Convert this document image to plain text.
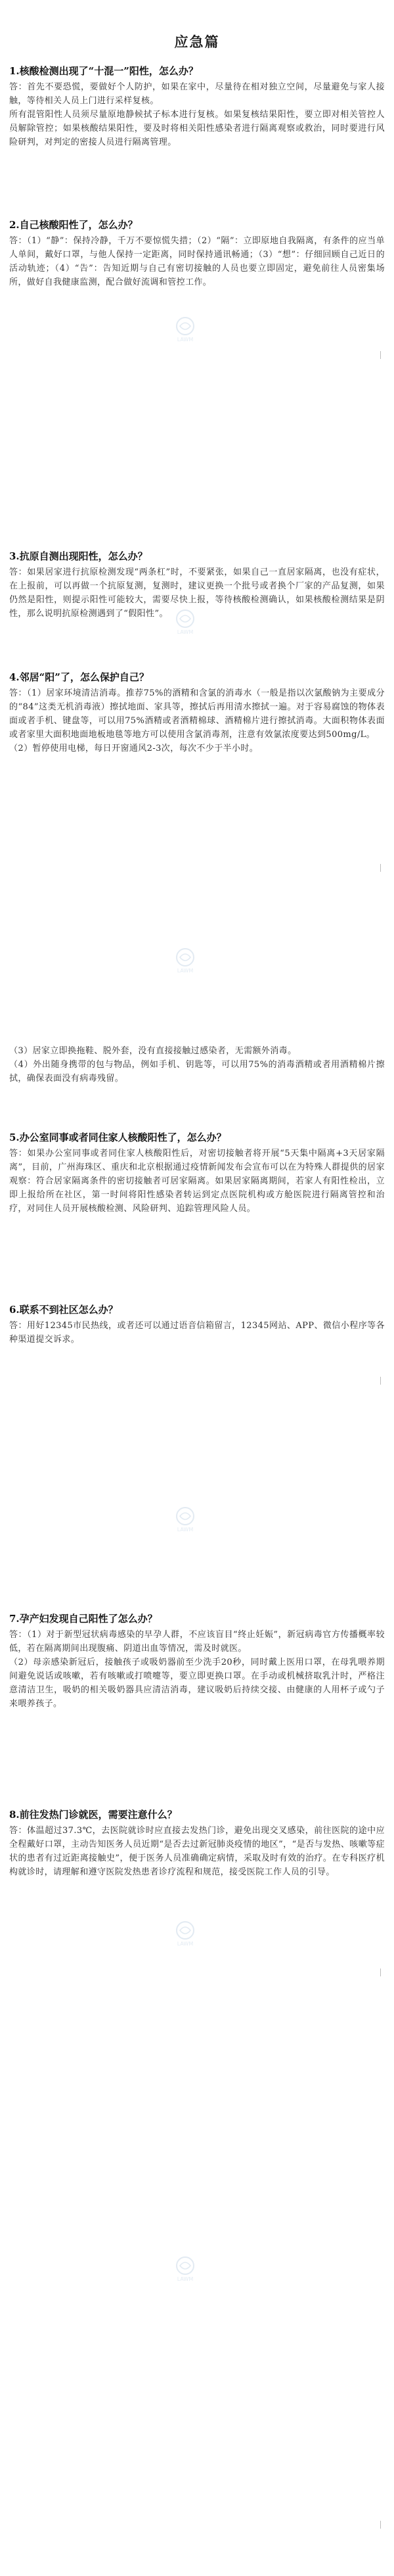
应急篇
1.核酸检测出现了“十混一”阳性，怎么办？

答：首先不要恐慌，要做好个人防护，如果在家中，尽量待在相对独立空间，尽量避免与家人接触，等待相关人员上门进行采样复核。

所有混管阳性人员须尽量原地静候拭子标本进行复核。如果复核结果阳性，要立即对相关管控人员解除管控；如果核酸结果阳性，要及时将相关阳性感染者进行隔离观察或救治，同时要进行风险研判，对判定的密接人员进行隔离管理。

2.自己核酸阳性了，怎么办？

答：（1）“静”：保持冷静，千万不要惊慌失措；（2）“隔”：立即原地自我隔离，有条件的应当单人单间，戴好口罩，与他人保持一定距离，同时保持通讯畅通；（3）“想”：仔细回顾自己近日的活动轨迹；（4）“告”：告知近期与自己有密切接触的人员也要立即固定，避免前往人员密集场所，做好自我健康监测，配合做好流调和管控工作。

3.抗原自测出现阳性，怎么办？

答：如果居家进行抗原检测发现“两条杠”时，不要紧张，如果自己一直居家隔离，也没有症状，在上报前，可以再做一个抗原复测，复测时，建议更换一个批号或者换个厂家的产品复测，如果仍然是阳性，则提示阳性可能较大，需要尽快上报，等待核酸检测确认，如果核酸检测结果是阴性，那么说明抗原检测遇到了“假阳性”。

4.邻居“阳”了，怎么保护自己？

答：（1）居家环境清洁消毒。推荐75%的酒精和含氯的消毒水（一般是指以次氯酸钠为主要成分的“84”这类无机消毒液）擦拭地面、家具等，擦拭后再用清水擦拭一遍。对于容易腐蚀的物体表面或者手机、键盘等，可以用75%酒精或者酒精棉球、酒精棉片进行擦拭消毒。大面积物体表面或者家里大面积地面地板地毯等地方可以使用含氯消毒剂，注意有效氯浓度要达到500mg/L。

（2）暂停使用电梯，每日开窗通风2-3次，每次不少于半小时。

（3）居家立即换拖鞋、脱外套，没有直接接触过感染者，无需额外消毒。

（4）外出随身携带的包与物品，例如手机、钥匙等，可以用75%的消毒酒精或者用酒精棉片擦拭，确保表面没有病毒残留。

5.办公室同事或者同住家人核酸阳性了，怎么办？

答：如果办公室同事或者同住家人核酸阳性后，对密切接触者将开展“5天集中隔离+3天居家隔离”，目前，广州海珠区、重庆和北京根据通过疫情新闻发布会宣布可以在为特殊人群提供的居家观察：符合居家隔离条件的密切接触者可居家隔离。如果居家隔离期间，若家人有阳性检出，立即上报给所在社区，第一时间将阳性感染者转运到定点医院机构或方舱医院进行隔离管控和治疗，对同住人员开展核酸检测、风险研判、追踪管理风险人员。

6.联系不到社区怎么办？

答：用好12345市民热线，或者还可以通过语音信箱留言，12345网站、APP、微信小程序等各种渠道提交诉求。

7.孕产妇发现自己阳性了怎么办？

答：（1）对于新型冠状病毒感染的早孕人群，不应该盲目“终止妊娠”，新冠病毒官方传播概率较低，若在隔离期间出现腹痛、阴道出血等情况，需及时就医。

（2）母亲感染新冠后，接触孩子或吸奶器前至少洗手20秒，同时戴上医用口罩，在母乳喂养期间避免说话或咳嗽，若有咳嗽或打喷嚏等，要立即更换口罩。在手动或机械挤取乳汁时，严格注意清洁卫生，吸奶的相关吸奶器具应清洁消毒，建议吸奶后持续交接、由健康的人用杯子或勺子来喂养孩子。

8.前往发热门诊就医，需要注意什么？

答：体温超过37.3℃，去医院就诊时应直接去发热门诊，避免出现交叉感染，前往医院的途中应全程戴好口罩，主动告知医务人员近期“是否去过新冠肺炎疫情的地区”，“是否与发热、咳嗽等症状的患者有过近距离接触史”，便于医务人员准确确定病情，采取及时有效的治疗。在专科医疗机构就诊时，请理解和遵守医院发热患者诊疗流程和规范，接受医院工作人员的引导。

LAWM
LAWM
LAWM
LAWM
LAWM
LAWM
